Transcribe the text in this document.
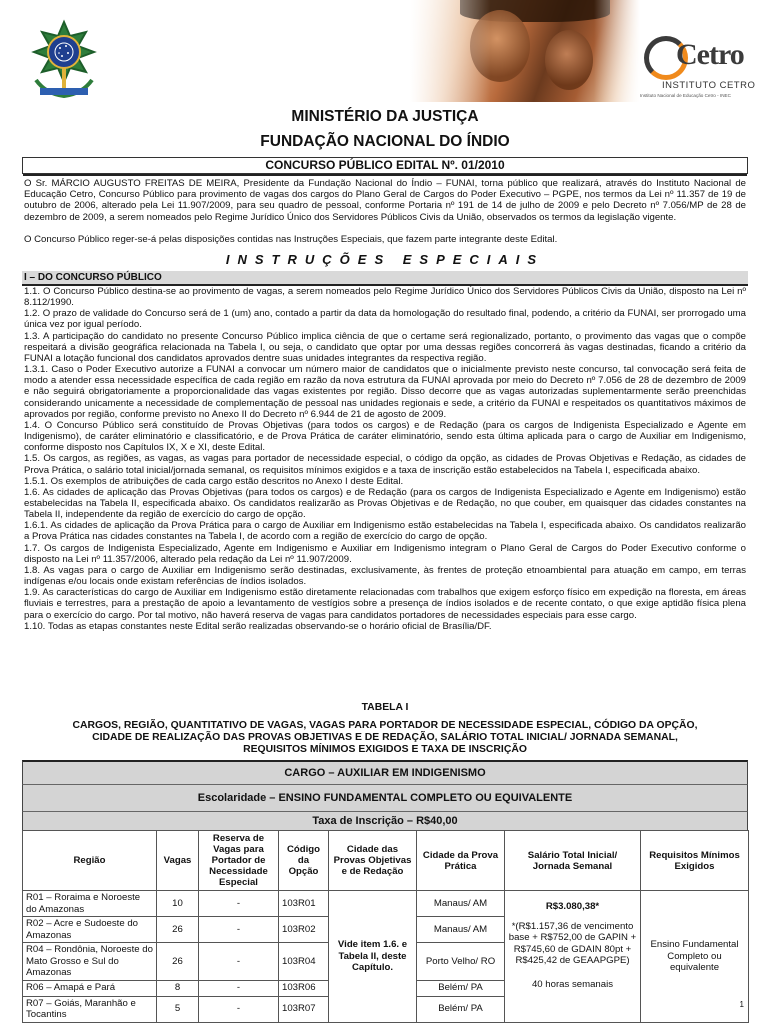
Cetro
INSTITUTO CETRO
Instituto Nacional de Educação Cetro - INEC
MINISTÉRIO DA JUSTIÇA
FUNDAÇÃO NACIONAL DO ÍNDIO
CONCURSO PÚBLICO EDITAL Nº. 01/2010
O Sr. MÁRCIO AUGUSTO FREITAS DE MEIRA, Presidente da Fundação Nacional do Índio – FUNAI, torna público que realizará, através do Instituto Nacional de Educação Cetro, Concurso Público para provimento de vagas dos cargos do Plano Geral de Cargos do Poder Executivo – PGPE, nos termos da Lei nº 11.357 de 19 de outubro de 2006, alterado pela Lei 11.907/2009, para seu quadro de pessoal, conforme Portaria nº 191 de 14 de julho de 2009 e pelo Decreto nº 7.056/MP de 28 de dezembro de 2009, a serem nomeados pelo Regime Jurídico Único dos Servidores Públicos Civis da União, observados os termos da legislação vigente.
O Concurso Público reger-se-á pelas disposições contidas nas Instruções Especiais, que fazem parte integrante deste Edital.
INSTRUÇÕES ESPECIAIS
I – DO CONCURSO PÚBLICO

1.1. O Concurso Público destina-se ao provimento de vagas, a serem nomeados pelo Regime Jurídico Único dos Servidores Públicos Civis da União, disposto na Lei nº 8.112/1990.

1.2. O prazo de validade do Concurso será de 1 (um) ano, contado a partir da data da homologação do resultado final, podendo, a critério da FUNAI, ser prorrogado uma única vez por igual período.

1.3. A participação do candidato no presente Concurso Público implica ciência de que o certame será regionalizado, portanto, o provimento das vagas que o compõe respeitará a divisão geográfica relacionada na Tabela I, ou seja, o candidato que optar por uma dessas regiões concorrerá às vagas destinadas, ficando a critério da FUNAI a lotação funcional dos candidatos aprovados dentre suas unidades integrantes da respectiva região.

1.3.1. Caso o Poder Executivo autorize a FUNAI a convocar um número maior de candidatos que o inicialmente previsto neste concurso, tal convocação será feita de modo a atender essa necessidade específica de cada região em razão da nova estrutura da FUNAI aprovada por meio do Decreto nº 7.056 de 28 de dezembro de 2009 e não seguirá obrigatoriamente a proporcionalidade das vagas existentes por região. Disso decorre que as vagas autorizadas suplementarmente serão preenchidas considerando unicamente a necessidade de complementação de pessoal nas unidades regionais e sede, a critério da FUNAI e respeitados os quantitativos máximos de aprovados por região, conforme previsto no Anexo II do Decreto nº 6.944 de 21 de agosto de 2009.

1.4. O Concurso Público será constituído de Provas Objetivas (para todos os cargos) e de Redação (para os cargos de Indigenista Especializado e Agente em Indigenismo), de caráter eliminatório e classificatório, e de Prova Prática de caráter eliminatório, sendo esta última aplicada para o cargo de Auxiliar em Indigenismo, conforme disposto nos Capítulos IX, X e XI, deste Edital.

1.5. Os cargos, as regiões, as vagas, as vagas para portador de necessidade especial, o código da opção, as cidades de Provas Objetivas e Redação, as cidades de Prova Prática, o salário total inicial/jornada semanal, os requisitos mínimos exigidos e a taxa de inscrição estão estabelecidos na Tabela I, especificada abaixo.

1.5.1. Os exemplos de atribuições de cada cargo estão descritos no Anexo I deste Edital.

1.6. As cidades de aplicação das Provas Objetivas (para todos os cargos) e de Redação (para os cargos de Indigenista Especializado e Agente em Indigenismo) estão estabelecidas na Tabela II, especificada abaixo. Os candidatos realizarão as Provas Objetivas e de Redação, no que couber, em quaisquer das cidades constantes na Tabela II, independente da região de exercício do cargo de opção.

1.6.1. As cidades de aplicação da Prova Prática para o cargo de Auxiliar em Indigenismo estão estabelecidas na Tabela I, especificada abaixo. Os candidatos realizarão a Prova Prática nas cidades constantes na Tabela I, de acordo com a região de exercício do cargo de opção.

1.7. Os cargos de Indigenista Especializado, Agente em Indigenismo e Auxiliar em Indigenismo integram o Plano Geral de Cargos do Poder Executivo conforme o disposto na Lei nº 11.357/2006, alterado pela redação da Lei nº 11.907/2009.

1.8. As vagas para o cargo de Auxiliar em Indigenismo serão destinadas, exclusivamente, às frentes de proteção etnoambiental para atuação em campo, em terras indígenas e/ou locais onde existam referências de índios isolados.

1.9. As características do cargo de Auxiliar em Indigenismo estão diretamente relacionadas com trabalhos que exigem esforço físico em expedição na floresta, em áreas fluviais e terrestres, para a prestação de apoio a levantamento de vestígios sobre a presença de índios isolados e de recente contato, o que exige aptidão física plena para o exercício do cargo. Por tal motivo, não haverá reserva de vagas para candidatos portadores de necessidades especiais para esse cargo.

1.10. Todas as etapas constantes neste Edital serão realizadas observando-se o horário oficial de Brasília/DF.

TABELA I
CARGOS, REGIÃO, QUANTITATIVO DE VAGAS, VAGAS PARA PORTADOR DE NECESSIDADE ESPECIAL, CÓDIGO DA OPÇÃO,
CIDADE DE REALIZAÇÃO DAS PROVAS OBJETIVAS E DE REDAÇÃO, SALÁRIO TOTAL INICIAL/ JORNADA SEMANAL,
REQUISITOS MÍNIMOS EXIGIDOS E TAXA DE INSCRIÇÃO
CARGO – AUXILIAR EM INDIGENISMO
Escolaridade – ENSINO FUNDAMENTAL COMPLETO OU EQUIVALENTE
Taxa de Inscrição – R$40,00
Região	Vagas	Reserva de Vagas para Portador de Necessidade Especial	Código da Opção	Cidade das Provas Objetivas e de Redação	Cidade da Prova Prática	Salário Total Inicial/ Jornada Semanal	Requisitos Mínimos Exigidos
R01 – Roraima e Noroeste do Amazonas	10	-	103R01	Vide item 1.6. e Tabela II, deste Capítulo.	Manaus/ AM	R$3.080,38*
*(R$1.157,36 de vencimento base + R$752,00 de GAPIN + R$745,60 de GDAIN 80pt + R$425,42 de GEAAPGPE)
40 horas semanais	Ensino Fundamental Completo ou equivalente
R02 – Acre e Sudoeste do Amazonas	26	-	103R02		Manaus/ AM		
R04 – Rondônia, Noroeste do Mato Grosso e Sul do Amazonas	26	-	103R04		Porto Velho/ RO		
R06 – Amapá e Pará	8	-	103R06		Belém/ PA		
R07 – Goiás, Maranhão e Tocantins	5	-	103R07		Belém/ PA			1
